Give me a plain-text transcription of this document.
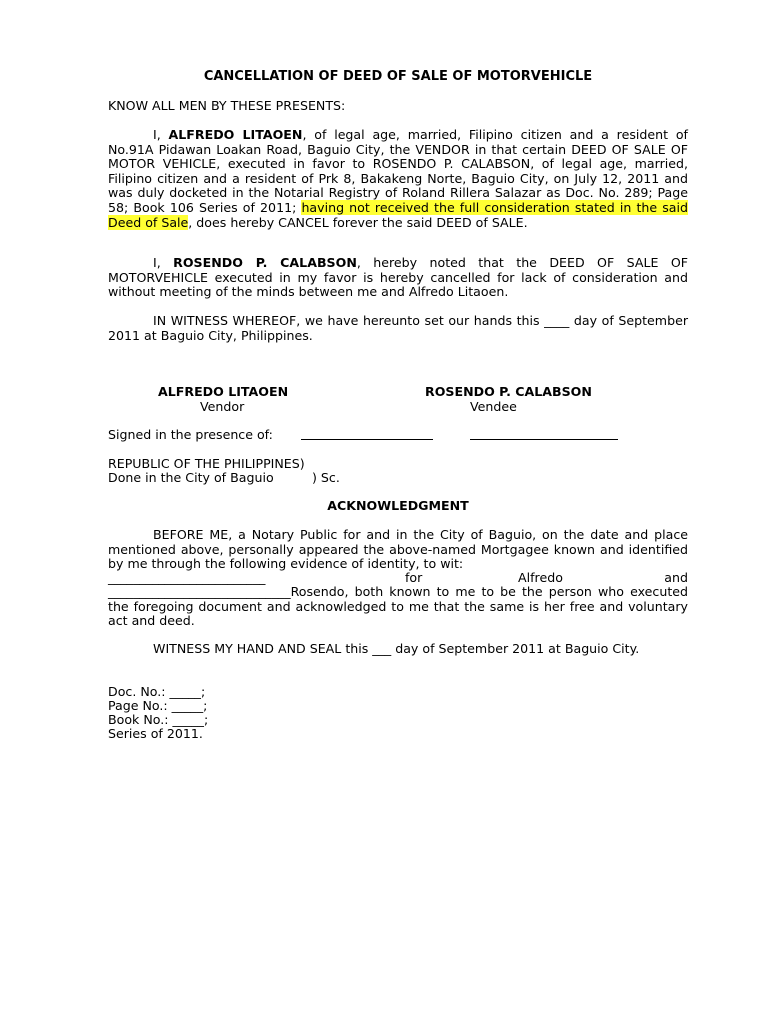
CANCELLATION OF DEED OF SALE OF MOTORVEHICLE
KNOW ALL MEN BY THESE PRESENTS:
I, ALFREDO LITAOEN, of legal age, married, Filipino citizen and a resident of No.91A Pidawan Loakan Road, Baguio City, the VENDOR in that certain DEED OF SALE OF MOTOR VEHICLE, executed in favor to ROSENDO P. CALABSON, of legal age, married, Filipino citizen and a resident of Prk 8, Bakakeng Norte, Baguio City, on July 12, 2011 and was duly docketed in the Notarial Registry of Roland Rillera Salazar as Doc. No. 289; Page 58; Book 106 Series of 2011; having not received the full consideration stated in the said Deed of Sale, does hereby CANCEL forever the said DEED of SALE.
I, ROSENDO P. CALABSON, hereby noted that the DEED OF SALE OF MOTORVEHICLE executed in my favor is hereby cancelled for lack of consideration and without meeting of the minds between me and Alfredo Litaoen.
IN WITNESS WHEREOF, we have hereunto set our hands this ____ day of September 2011 at Baguio City, Philippines.
ALFREDO LITAOEN
Vendor
ROSENDO P. CALABSON
Vendee
Signed in the presence of:
REPUBLIC OF THE PHILIPPINES)
Done in the City of Baguio	) Sc.
ACKNOWLEDGMENT
BEFORE ME, a Notary Public for and in the City of Baguio, on the date and place mentioned above, personally appeared the above-named Mortgagee known and identified by me through the following evidence of identity, to wit:
_________________________	for	Alfredo	and
_____________________________Rosendo, both known to me to be the person who executed the foregoing document and acknowledged to me that the same is her free and voluntary act and deed.
WITNESS MY HAND AND SEAL this ___ day of September 2011 at Baguio City.
Doc. No.: _____;
Page No.: _____;
Book No.: _____;
Series of 2011.
